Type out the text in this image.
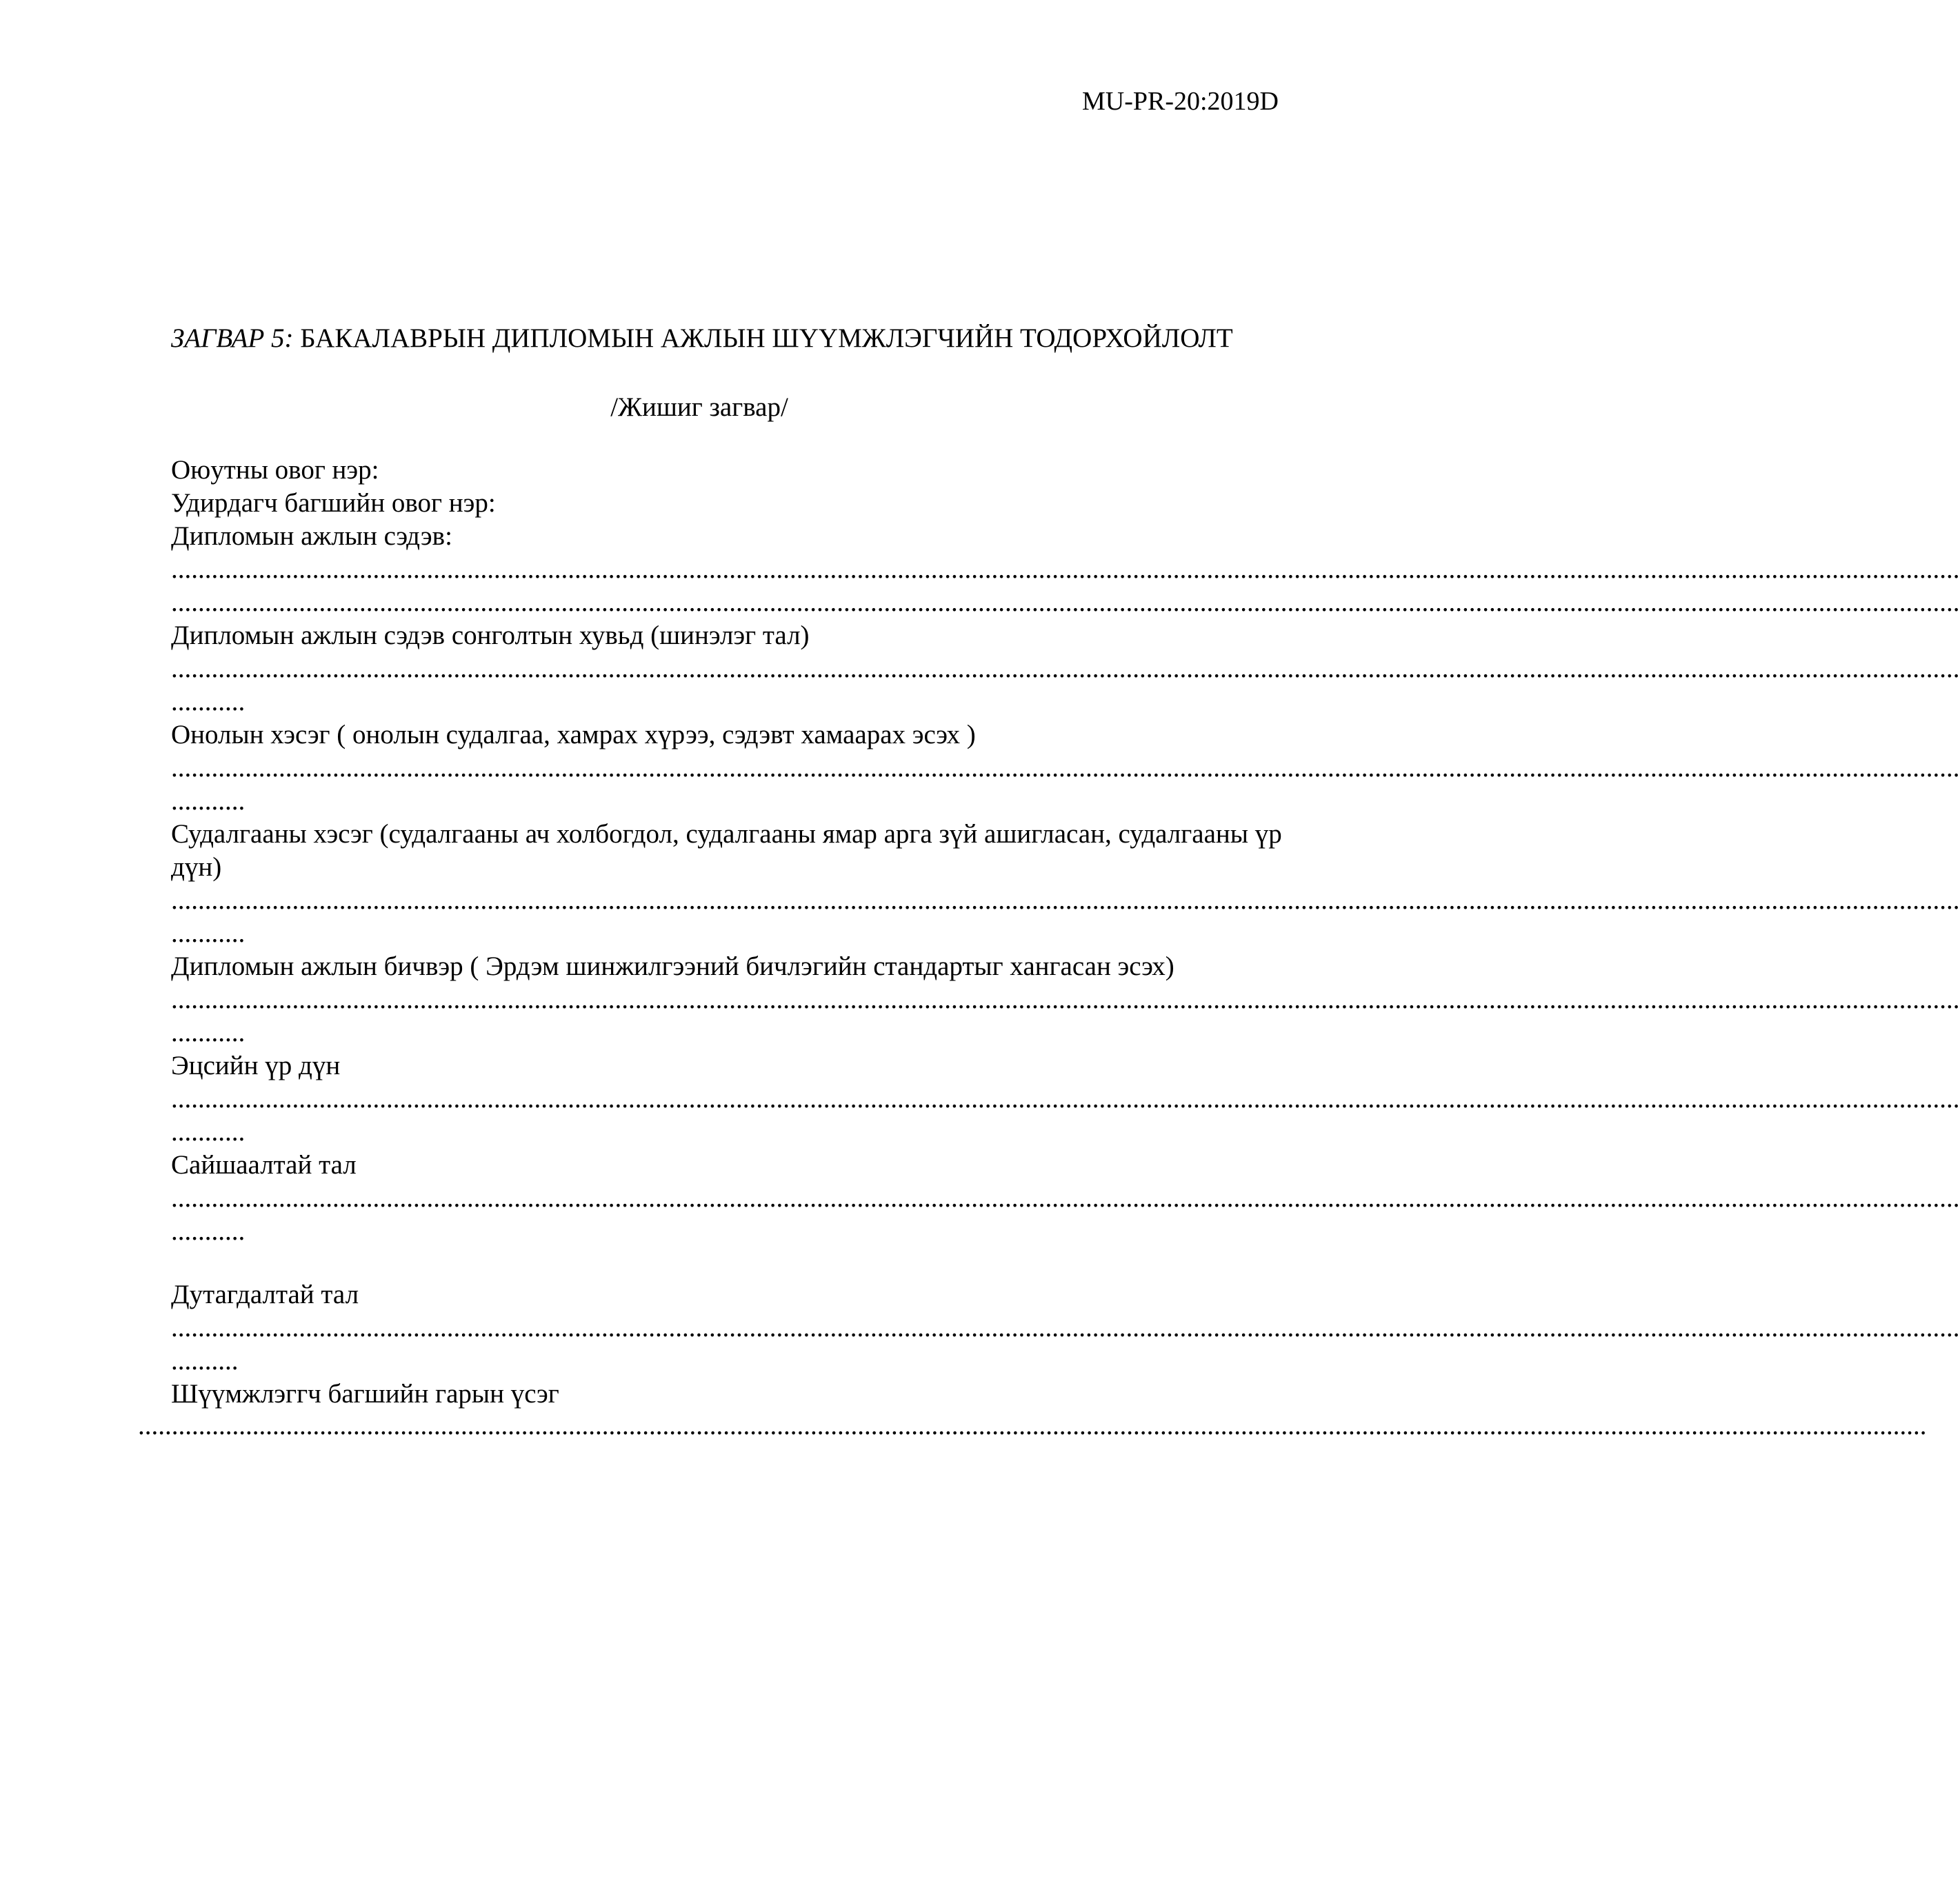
MU-PR-20:2019D
ЗАГВАР 5: БАКАЛАВРЫН ДИПЛОМЫН АЖЛЫН ШҮҮМЖЛЭГЧИЙН ТОДОРХОЙЛОЛТ
/Жишиг загвар/
Оюутны овог нэр:
Удирдагч багшийн овог нэр:
Дипломын ажлын сэдэв:
..........................................................................................................................................................................................................................................................................
..........................................................................................................................................................................................................................................................................
Дипломын ажлын сэдэв сонголтын хувьд (шинэлэг тал)
..........................................................................................................................................................................................................................................................................
...........
Онолын хэсэг ( онолын судалгаа, хамрах хүрээ, сэдэвт хамаарах эсэх )
..........................................................................................................................................................................................................................................................................
...........
Судалгааны хэсэг (судалгааны ач холбогдол, судалгааны ямар арга зүй ашигласан, судалгааны үр дүн)
..........................................................................................................................................................................................................................................................................
...........
Дипломын ажлын бичвэр ( Эрдэм шинжилгээний бичлэгийн стандартыг хангасан эсэх)
..........................................................................................................................................................................................................................................................................
...........
Эцсийн үр дүн
..........................................................................................................................................................................................................................................................................
...........
Сайшаалтай тал
..........................................................................................................................................................................................................................................................................
...........
Дутагдалтай тал
..........................................................................................................................................................................................................................................................................
..........
Шүүмжлэггч багшийн гарын үсэг
..........................................................................................................................................................................................................................................................................
